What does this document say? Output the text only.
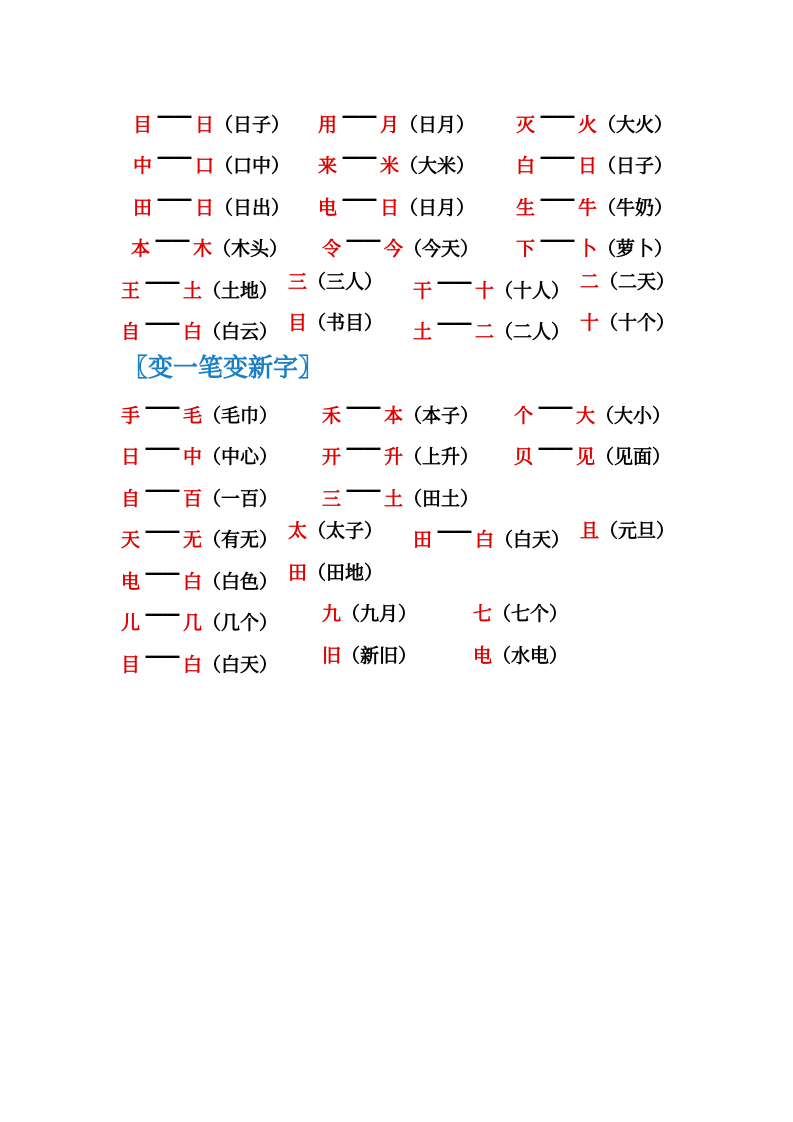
〖变一笔变新字〗
目 —— 日（日子） 用 —— 月（日月） 灭 —— 火（大火）
中 —— 口（口中） 来 —— 米（大米） 白 —— 日（日子）
田 —— 日（日出） 电 —— 日（日月） 生 —— 牛（牛奶）
本 —— 木（木头） 令 —— 今（今天） 下 —— 卜（萝卜）
王 —— 土（土地） 三（三人） 干 —— 十（十人） 二（二天）
自 —— 白（白云） 目（书目） 土 —— 二（二人） 十（十个）
手 —— 毛（毛巾） 禾 —— 本（本子） 个 —— 大（大小）
日 —— 中（中心） 开 —— 升（上升） 贝 —— 见（见面）
自 —— 百（一百） 三 —— 土（田土）
天 —— 无（有无） 太（太子） 田 —— 白（白天） 且（元旦）
电 —— 白（白色） 田（田地）
儿 —— 几（几个） 九（九月）	七（七个）
目 —— 白（白天） 旧（新旧）	电（水电）
